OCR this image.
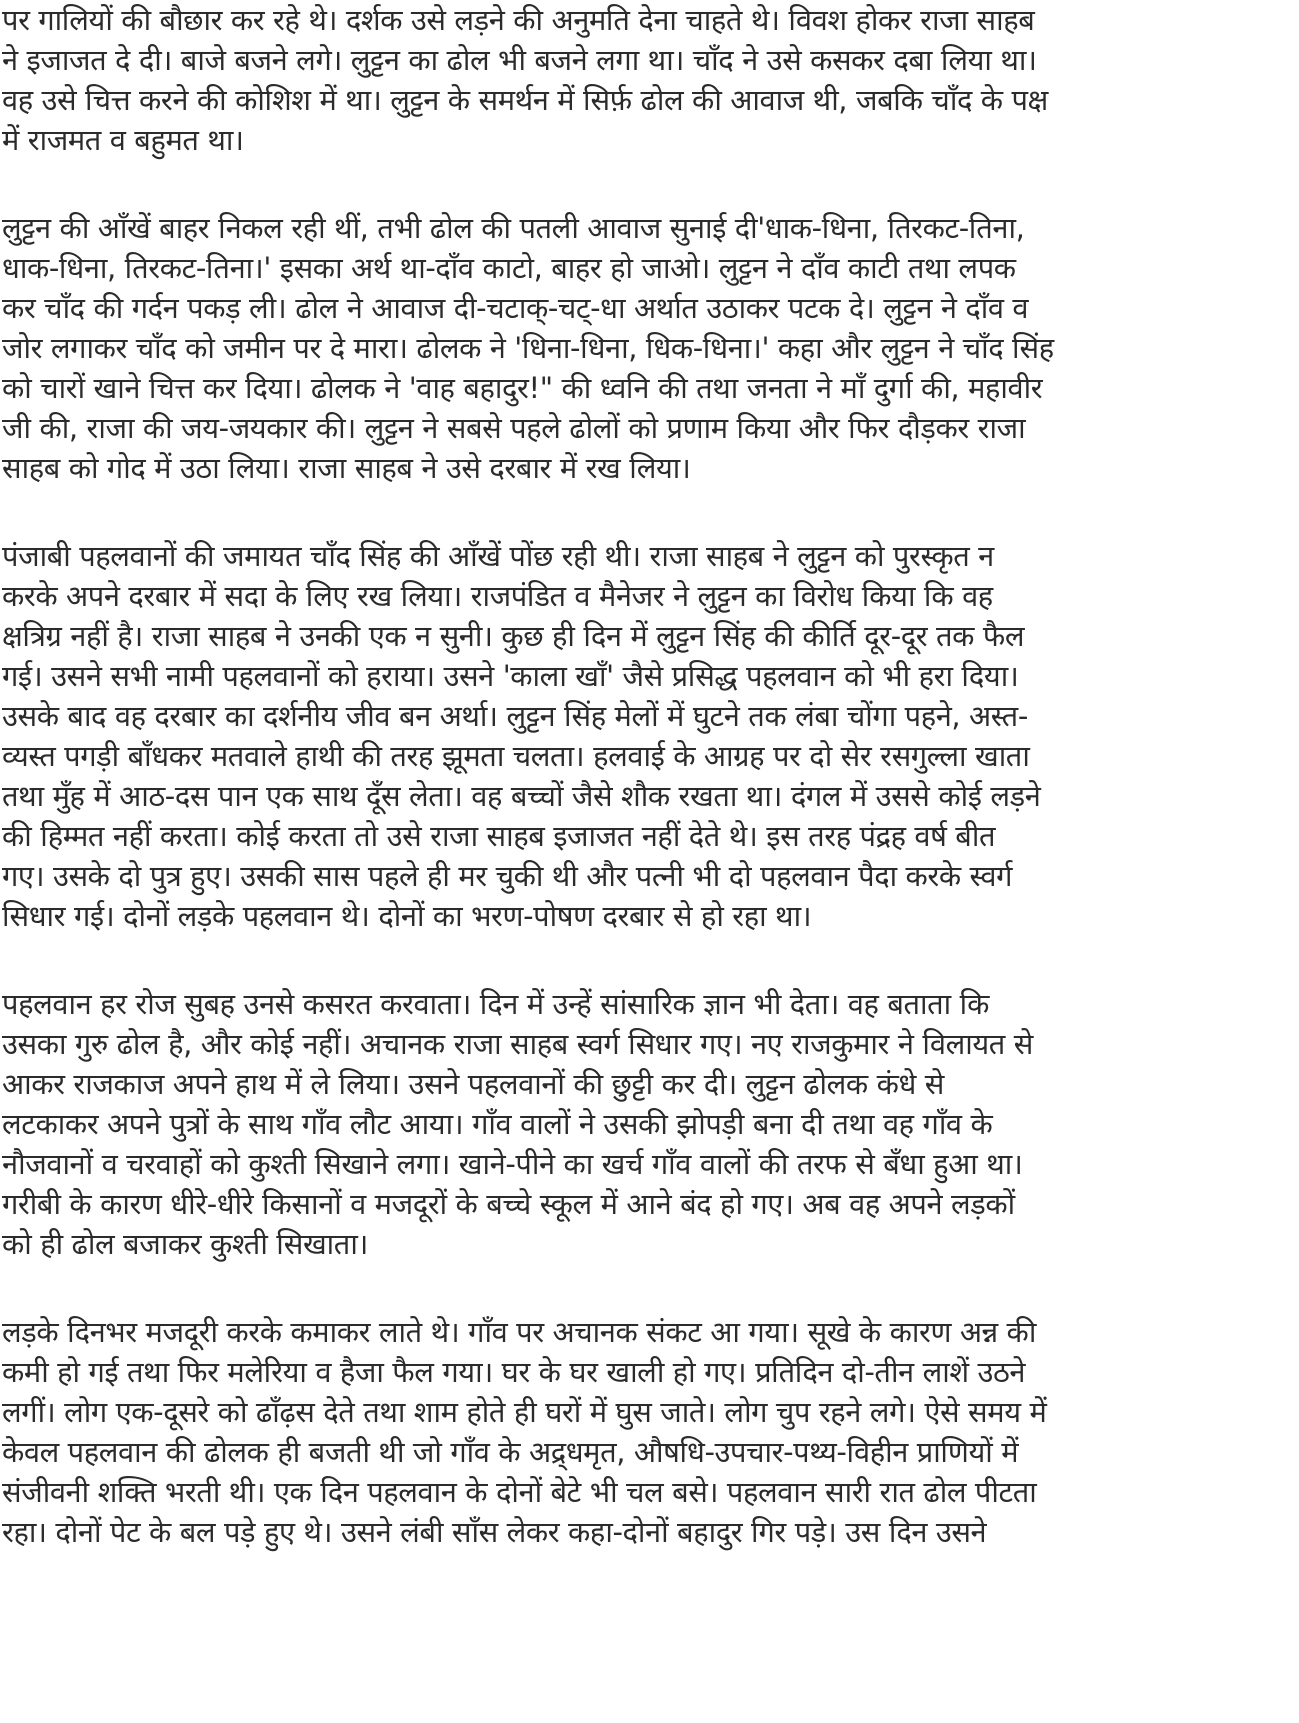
पर गालियों की बौछार कर रहे थे। दर्शक उसे लड़ने की अनुमति देना चाहते थे। विवश होकर राजा साहब
ने इजाजत दे दी। बाजे बजने लगे। लुट्टन का ढोल भी बजने लगा था। चाँद ने उसे कसकर दबा लिया था।
वह उसे चित्त करने की कोशिश में था। लुट्टन के समर्थन में सिर्फ़ ढोल की आवाज थी, जबकि चाँद के पक्ष
में राजमत व बहुमत था।
लुट्टन की आँखें बाहर निकल रही थीं, तभी ढोल की पतली आवाज सुनाई दी'धाक-धिना, तिरकट-तिना,
धाक-धिना, तिरकट-तिना।' इसका अर्थ था-दाँव काटो, बाहर हो जाओ। लुट्टन ने दाँव काटी तथा लपक
कर चाँद की गर्दन पकड़ ली। ढोल ने आवाज दी-चटाक्-चट्-धा अर्थात उठाकर पटक दे। लुट्टन ने दाँव व
जोर लगाकर चाँद को जमीन पर दे मारा। ढोलक ने 'धिना-धिना, धिक-धिना।' कहा और लुट्टन ने चाँद सिंह
को चारों खाने चित्त कर दिया। ढोलक ने 'वाह बहादुर!" की ध्वनि की तथा जनता ने माँ दुर्गा की, महावीर
जी की, राजा की जय-जयकार की। लुट्टन ने सबसे पहले ढोलों को प्रणाम किया और फिर दौड़कर राजा
साहब को गोद में उठा लिया। राजा साहब ने उसे दरबार में रख लिया।
पंजाबी पहलवानों की जमायत चाँद सिंह की आँखें पोंछ रही थी। राजा साहब ने लुट्टन को पुरस्कृत न
करके अपने दरबार में सदा के लिए रख लिया। राजपंडित व मैनेजर ने लुट्टन का विरोध किया कि वह
क्षत्रिग्र नहीं है। राजा साहब ने उनकी एक न सुनी। कुछ ही दिन में लुट्टन सिंह की कीर्ति दूर-दूर तक फैल
गई। उसने सभी नामी पहलवानों को हराया। उसने 'काला खाँ' जैसे प्रसिद्ध पहलवान को भी हरा दिया।
उसके बाद वह दरबार का दर्शनीय जीव बन अर्था। लुट्टन सिंह मेलों में घुटने तक लंबा चोंगा पहने, अस्त-
व्यस्त पगड़ी बाँधकर मतवाले हाथी की तरह झूमता चलता। हलवाई के आग्रह पर दो सेर रसगुल्ला खाता
तथा मुँह में आठ-दस पान एक साथ दूँस लेता। वह बच्चों जैसे शौक रखता था। दंगल में उससे कोई लड़ने
की हिम्मत नहीं करता। कोई करता तो उसे राजा साहब इजाजत नहीं देते थे। इस तरह पंद्रह वर्ष बीत
गए। उसके दो पुत्र हुए। उसकी सास पहले ही मर चुकी थी और पत्नी भी दो पहलवान पैदा करके स्वर्ग
सिधार गई। दोनों लड़के पहलवान थे। दोनों का भरण-पोषण दरबार से हो रहा था।
पहलवान हर रोज सुबह उनसे कसरत करवाता। दिन में उन्हें सांसारिक ज्ञान भी देता। वह बताता कि
उसका गुरु ढोल है, और कोई नहीं। अचानक राजा साहब स्वर्ग सिधार गए। नए राजकुमार ने विलायत से
आकर राजकाज अपने हाथ में ले लिया। उसने पहलवानों की छुट्टी कर दी। लुट्टन ढोलक कंधे से
लटकाकर अपने पुत्रों के साथ गाँव लौट आया। गाँव वालों ने उसकी झोपड़ी बना दी तथा वह गाँव के
नौजवानों व चरवाहों को कुश्ती सिखाने लगा। खाने-पीने का खर्च गाँव वालों की तरफ से बँधा हुआ था।
गरीबी के कारण धीरे-धीरे किसानों व मजदूरों के बच्चे स्कूल में आने बंद हो गए। अब वह अपने लड़कों
को ही ढोल बजाकर कुश्ती सिखाता।
लड़के दिनभर मजदूरी करके कमाकर लाते थे। गाँव पर अचानक संकट आ गया। सूखे के कारण अन्न की
कमी हो गई तथा फिर मलेरिया व हैजा फैल गया। घर के घर खाली हो गए। प्रतिदिन दो-तीन लाशें उठने
लगीं। लोग एक-दूसरे को ढाँढ़स देते तथा शाम होते ही घरों में घुस जाते। लोग चुप रहने लगे। ऐसे समय में
केवल पहलवान की ढोलक ही बजती थी जो गाँव के अद्र्धमृत, औषधि-उपचार-पथ्य-विहीन प्राणियों में
संजीवनी शक्ति भरती थी। एक दिन पहलवान के दोनों बेटे भी चल बसे। पहलवान सारी रात ढोल पीटता
रहा। दोनों पेट के बल पड़े हुए थे। उसने लंबी साँस लेकर कहा-दोनों बहादुर गिर पड़े। उस दिन उसने
